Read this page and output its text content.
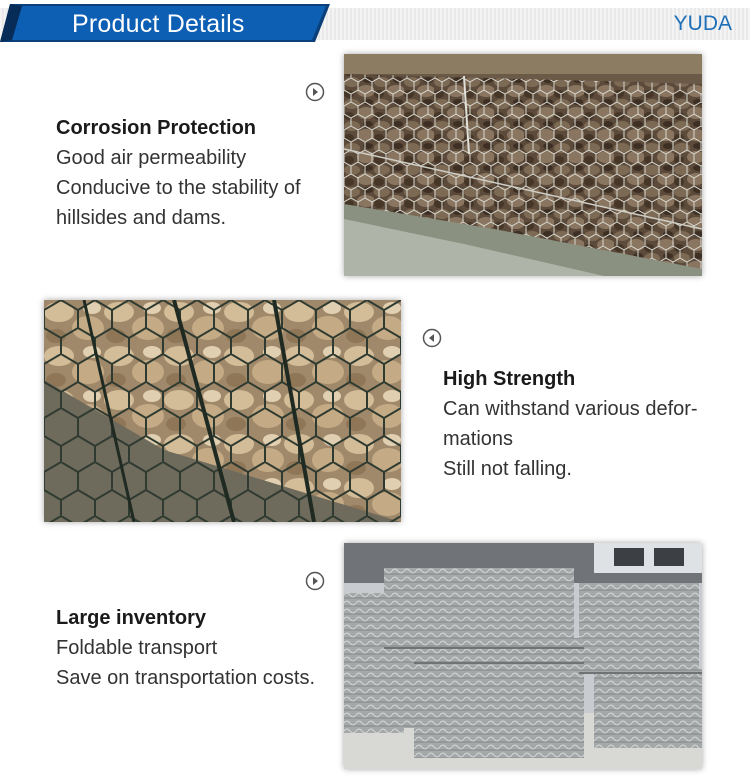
Product Details	YUDA
Corrosion Protection
Good air permeability
Conducive to the stability of
hillsides and dams.
High Strength
Can withstand various defor-
mations
Still not falling.
Large inventory
Foldable transport
Save on transportation costs.
